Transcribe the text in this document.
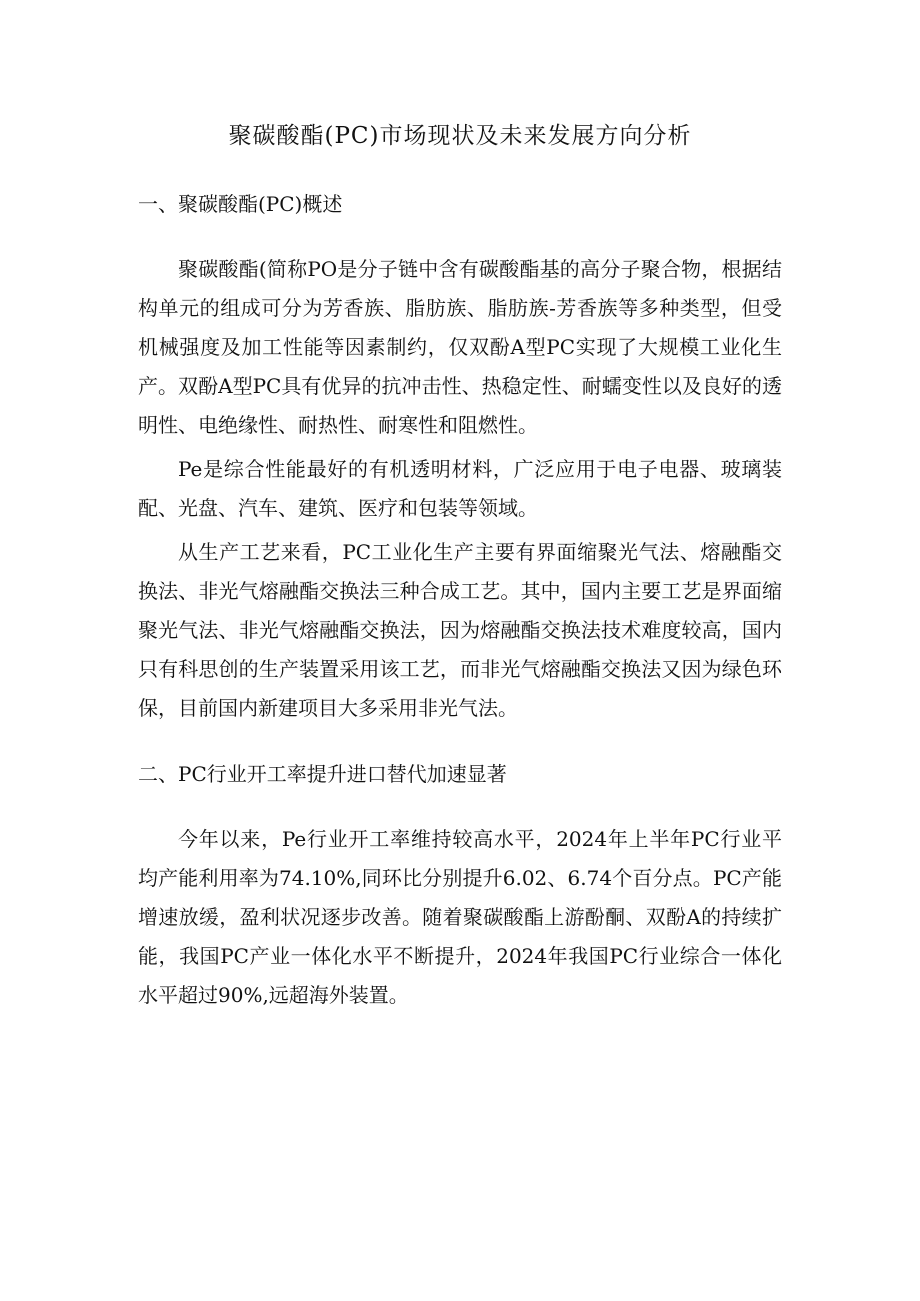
聚碳酸酯(PC)市场现状及未来发展方向分析
一、聚碳酸酯(PC)概述

聚碳酸酯(简称PO是分子链中含有碳酸酯基的高分子聚合物，根据结构单元的组成可分为芳香族、脂肪族、脂肪族-芳香族等多种类型，但受机械强度及加工性能等因素制约，仅双酚A型PC实现了大规模工业化生产。双酚A型PC具有优异的抗冲击性、热稳定性、耐蠕变性以及良好的透明性、电绝缘性、耐热性、耐寒性和阻燃性。

Pe是综合性能最好的有机透明材料，广泛应用于电子电器、玻璃装配、光盘、汽车、建筑、医疗和包装等领域。

从生产工艺来看，PC工业化生产主要有界面缩聚光气法、熔融酯交换法、非光气熔融酯交换法三种合成工艺。其中，国内主要工艺是界面缩聚光气法、非光气熔融酯交换法，因为熔融酯交换法技术难度较高，国内只有科思创的生产装置采用该工艺，而非光气熔融酯交换法又因为绿色环保，目前国内新建项目大多采用非光气法。

二、PC行业开工率提升进口替代加速显著

今年以来，Pe行业开工率维持较高水平，2024年上半年PC行业平均产能利用率为74.10%,同环比分别提升6.02、6.74个百分点。PC产能增速放缓，盈利状况逐步改善。随着聚碳酸酯上游酚酮、双酚A的持续扩能，我国PC产业一体化水平不断提升，2024年我国PC行业综合一体化水平超过90%,远超海外装置。
